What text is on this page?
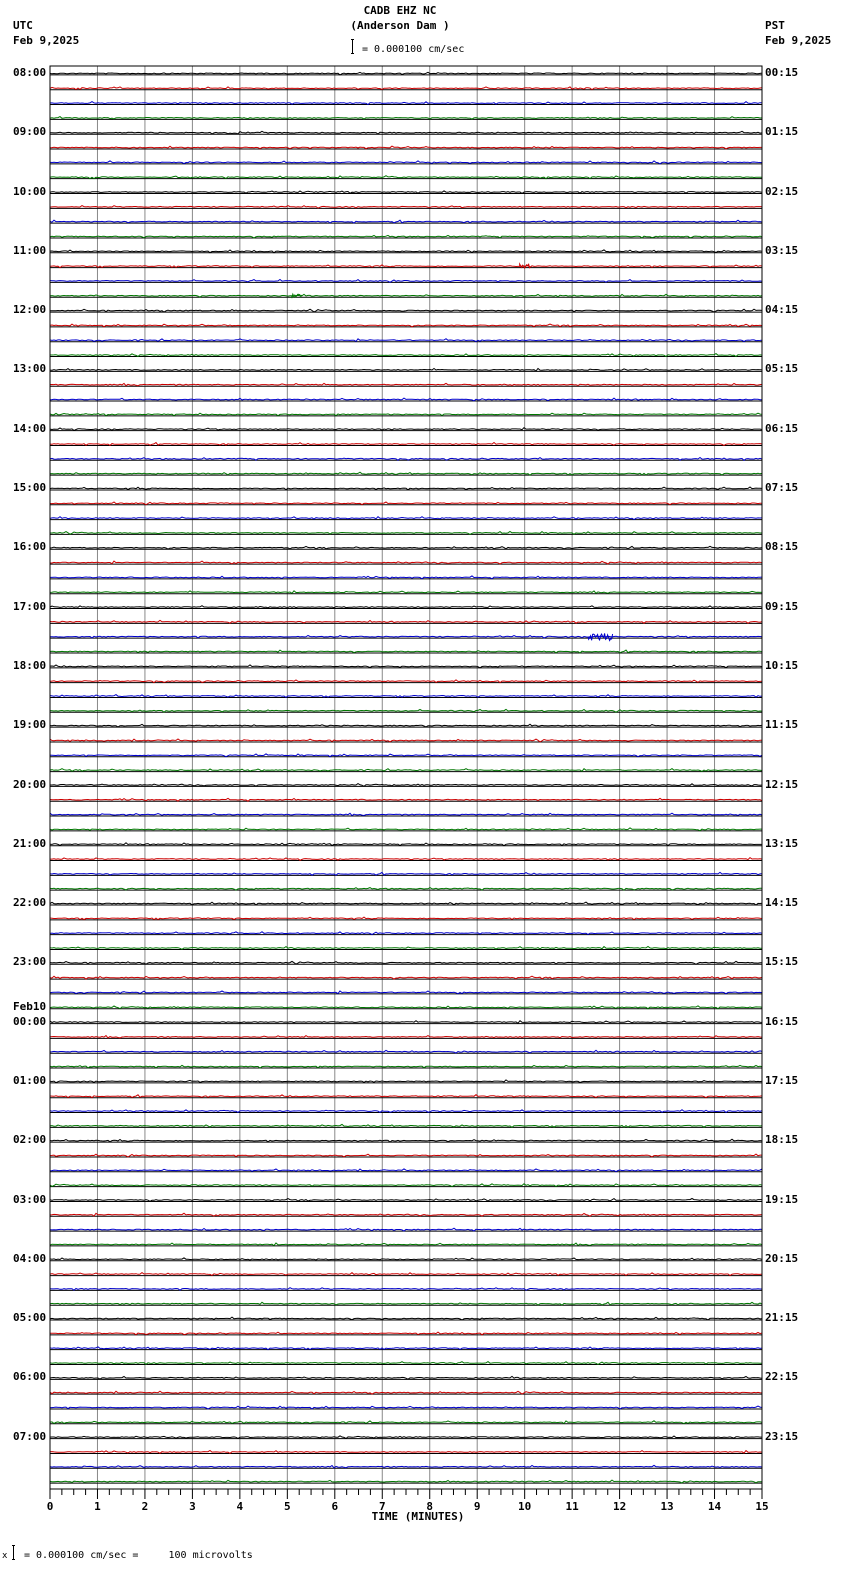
CADB EHZ NC
(Anderson Dam )
= 0.000100 cm/sec
UTC
Feb 9,2025
PST
Feb 9,2025
0	1	2	3	4	5	6	7	8	9	10	11	12	13	14	15
08:00
09:00
10:00
11:00
12:00
13:00
14:00
15:00
16:00
17:00
18:00
19:00
20:00
21:00
22:00
23:00
00:00
Feb10
01:00
02:00
03:00
04:00
05:00
06:00
07:00
00:15
01:15
02:15
03:15
04:15
05:15
06:15
07:15
08:15
09:15
10:15
11:15
12:15
13:15
14:15
15:15
16:15
17:15
18:15
19:15
20:15
21:15
22:15
23:15
TIME (MINUTES)
x = 0.000100 cm/sec =     100 microvolts
